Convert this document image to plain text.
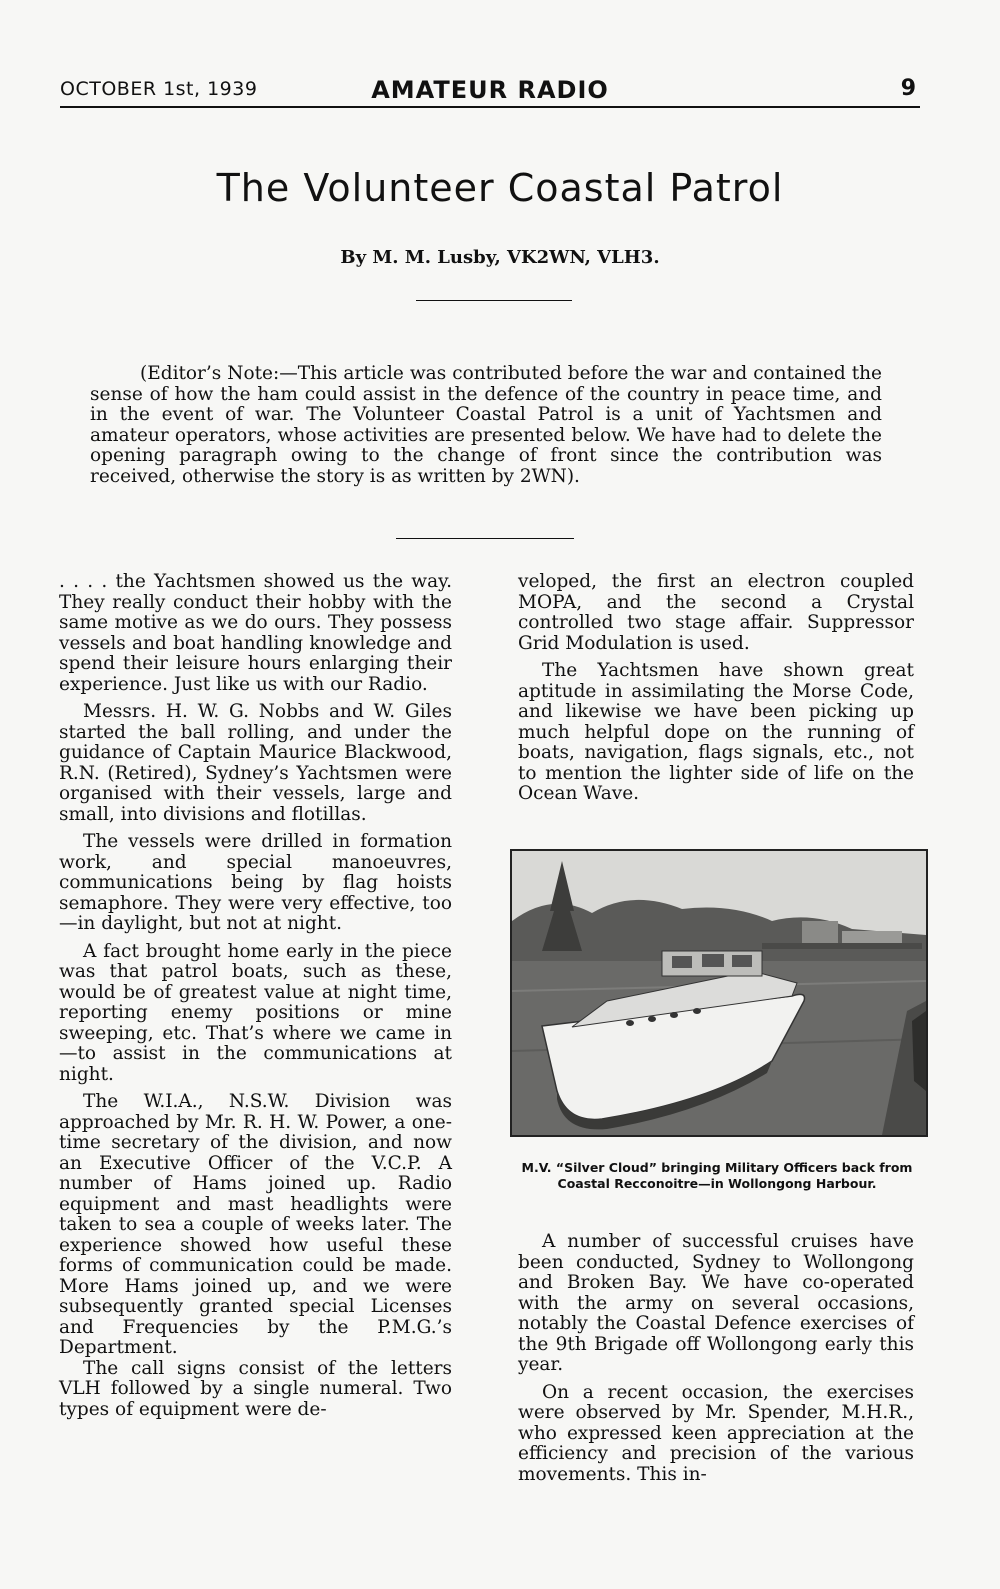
OCTOBER 1st, 1939	AMATEUR RADIO	9
The Volunteer Coastal Patrol
By M. M. Lusby, VK2WN, VLH3.
(Editor’s Note:—This article was contributed before the war and contained the sense of how the ham could assist in the defence of the country in peace time, and in the event of war. The Volunteer Coastal Patrol is a unit of Yachtsmen and amateur operators, whose activities are presented below. We have had to delete the opening paragraph owing to the change of front since the contribution was received, otherwise the story is as written by 2WN).

. . . . the Yachtsmen showed us the way. They really conduct their hobby with the same motive as we do ours. They possess vessels and boat handling knowledge and spend their leisure hours enlarging their experience. Just like us with our Radio.

Messrs. H. W. G. Nobbs and W. Giles started the ball rolling, and under the guidance of Captain Maurice Blackwood, R.N. (Retired), Sydney’s Yachtsmen were organised with their vessels, large and small, into divisions and flotillas.

The vessels were drilled in formation work, and special manoeuvres, communications being by flag hoists semaphore. They were very effective, too—in daylight, but not at night.

A fact brought home early in the piece was that patrol boats, such as these, would be of greatest value at night time, reporting enemy positions or mine sweeping, etc. That’s where we came in—to assist in the communications at night.

The W.I.A., N.S.W. Division was approached by Mr. R. H. W. Power, a one-time secretary of the division, and now an Executive Officer of the V.C.P. A number of Hams joined up. Radio equipment and mast headlights were taken to sea a couple of weeks later. The experience showed how useful these forms of communication could be made. More Hams joined up, and we were subsequently granted special Licenses and Frequencies by the P.M.G.’s Department.

The call signs consist of the letters VLH followed by a single numeral. Two types of equipment were de-

veloped, the first an electron coupled MOPA, and the second a Crystal controlled two stage affair. Suppressor Grid Modulation is used.

The Yachtsmen have shown great aptitude in assimilating the Morse Code, and likewise we have been picking up much helpful dope on the running of boats, navigation, flags signals, etc., not to mention the lighter side of life on the Ocean Wave.

M.V. “Silver Cloud” bringing Military Officers back from Coastal Recconoitre—in Wollongong Harbour.

A number of successful cruises have been conducted, Sydney to Wollongong and Broken Bay. We have co-operated with the army on several occasions, notably the Coastal Defence exercises of the 9th Brigade off Wollongong early this year.

On a recent occasion, the exercises were observed by Mr. Spender, M.H.R., who expressed keen appreciation at the efficiency and precision of the various movements. This in-
